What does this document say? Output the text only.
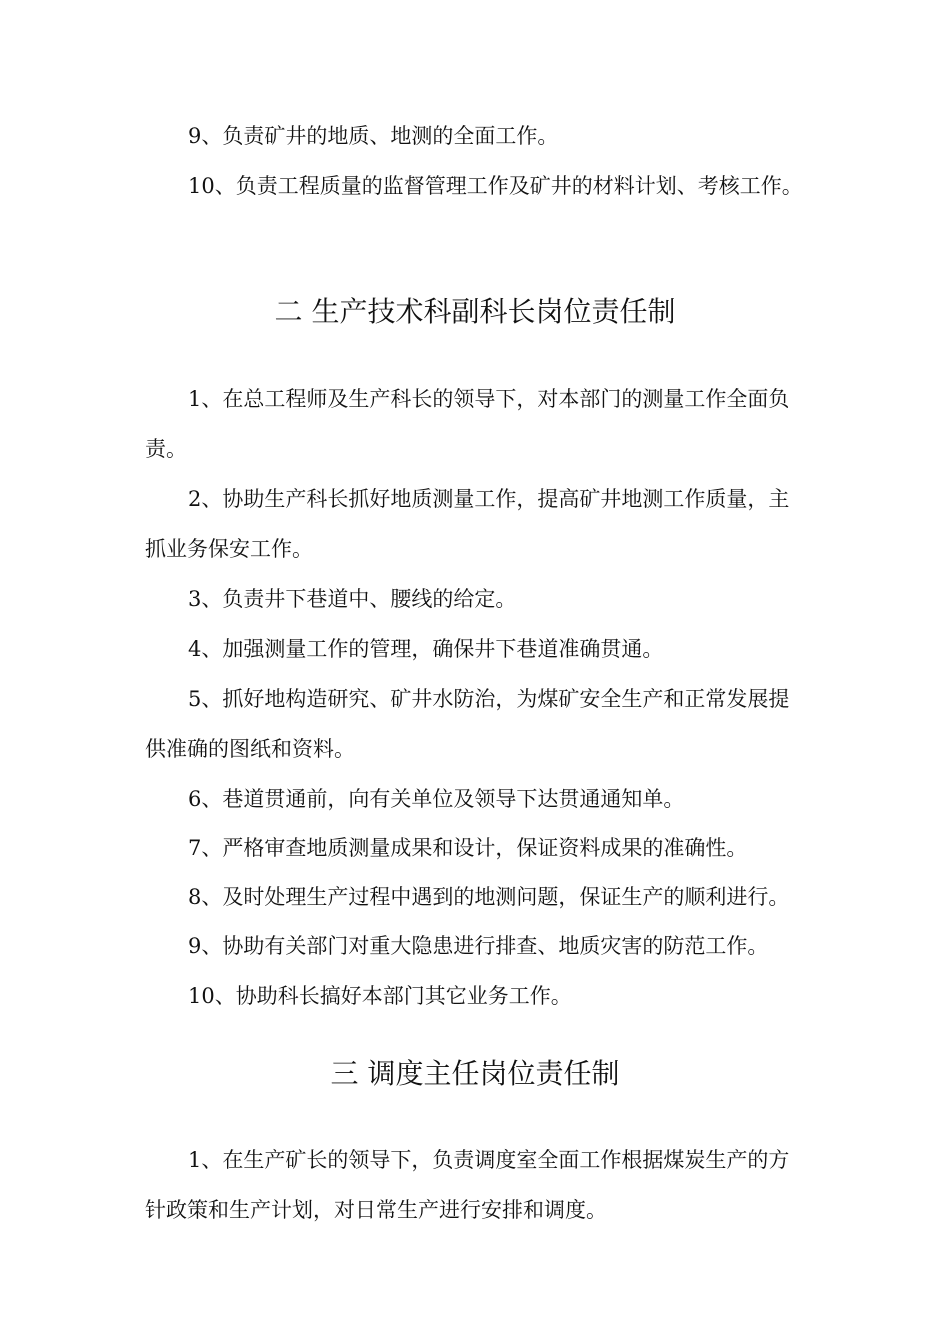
9、负责矿井的地质、地测的全面工作。

10、负责工程质量的监督管理工作及矿井的材料计划、考核工作。

二 生产技术科副科长岗位责任制

1、在总工程师及生产科长的领导下，对本部门的测量工作全面负责。

2、协助生产科长抓好地质测量工作，提高矿井地测工作质量，主抓业务保安工作。

3、负责井下巷道中、腰线的给定。

4、加强测量工作的管理，确保井下巷道准确贯通。

5、抓好地构造研究、矿井水防治，为煤矿安全生产和正常发展提供准确的图纸和资料。

6、巷道贯通前，向有关单位及领导下达贯通通知单。

7、严格审查地质测量成果和设计，保证资料成果的准确性。

8、及时处理生产过程中遇到的地测问题，保证生产的顺利进行。

9、协助有关部门对重大隐患进行排查、地质灾害的防范工作。

10、协助科长搞好本部门其它业务工作。

三 调度主任岗位责任制

1、在生产矿长的领导下，负责调度室全面工作根据煤炭生产的方针政策和生产计划，对日常生产进行安排和调度。
